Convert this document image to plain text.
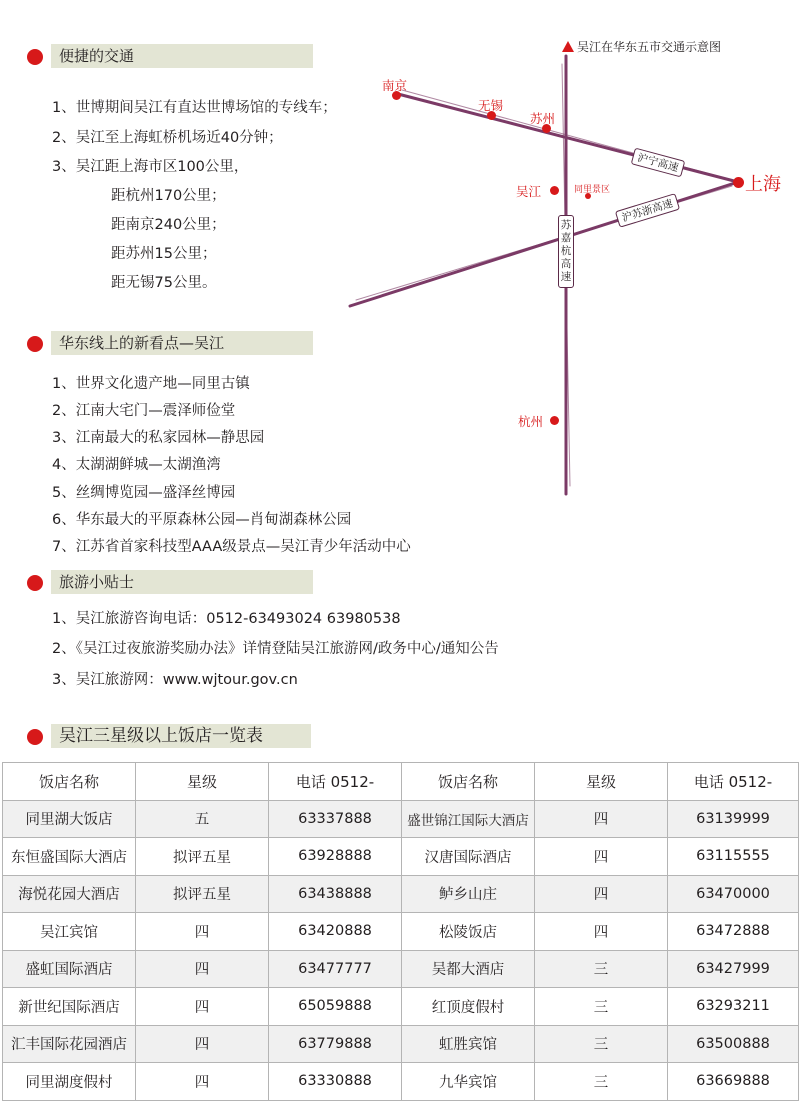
便捷的交通
1、世博期间吴江有直达世博场馆的专线车；
2、吴江至上海虹桥机场近40分钟；
3、吴江距上海市区100公里，
距杭州170公里；
距南京240公里；
距苏州15公里；
距无锡75公里。
吴江在华东五市交通示意图
南京
无锡
苏州
吴江	同里景区	上海
杭州
沪宁高速
沪苏浙高速
苏嘉杭高速
华东线上的新看点—吴江
1、世界文化遗产地—同里古镇
2、江南大宅门—震泽师俭堂
3、江南最大的私家园林—静思园
4、太湖湖鲜城—太湖渔湾
5、丝绸博览园—盛泽丝博园
6、华东最大的平原森林公园—肖甸湖森林公园
7、江苏省首家科技型AAA级景点—吴江青少年活动中心
旅游小贴士
1、吴江旅游咨询电话：0512-63493024 63980538
2、《吴江过夜旅游奖励办法》详情登陆吴江旅游网/政务中心/通知公告
3、吴江旅游网：www.wjtour.gov.cn
吴江三星级以上饭店一览表
饭店名称	星级	电话 0512-	饭店名称	星级	电话 0512-
同里湖大饭店	五	63337888	盛世锦江国际大酒店	四	63139999
东恒盛国际大酒店	拟评五星	63928888	汉唐国际酒店	四	63115555
海悦花园大酒店	拟评五星	63438888	鲈乡山庄	四	63470000
吴江宾馆	四	63420888	松陵饭店	四	63472888
盛虹国际酒店	四	63477777	吴都大酒店	三	63427999
新世纪国际酒店	四	65059888	红顶度假村	三	63293211
汇丰国际花园酒店	四	63779888	虹胜宾馆	三	63500888
同里湖度假村	四	63330888	九华宾馆	三	63669888
